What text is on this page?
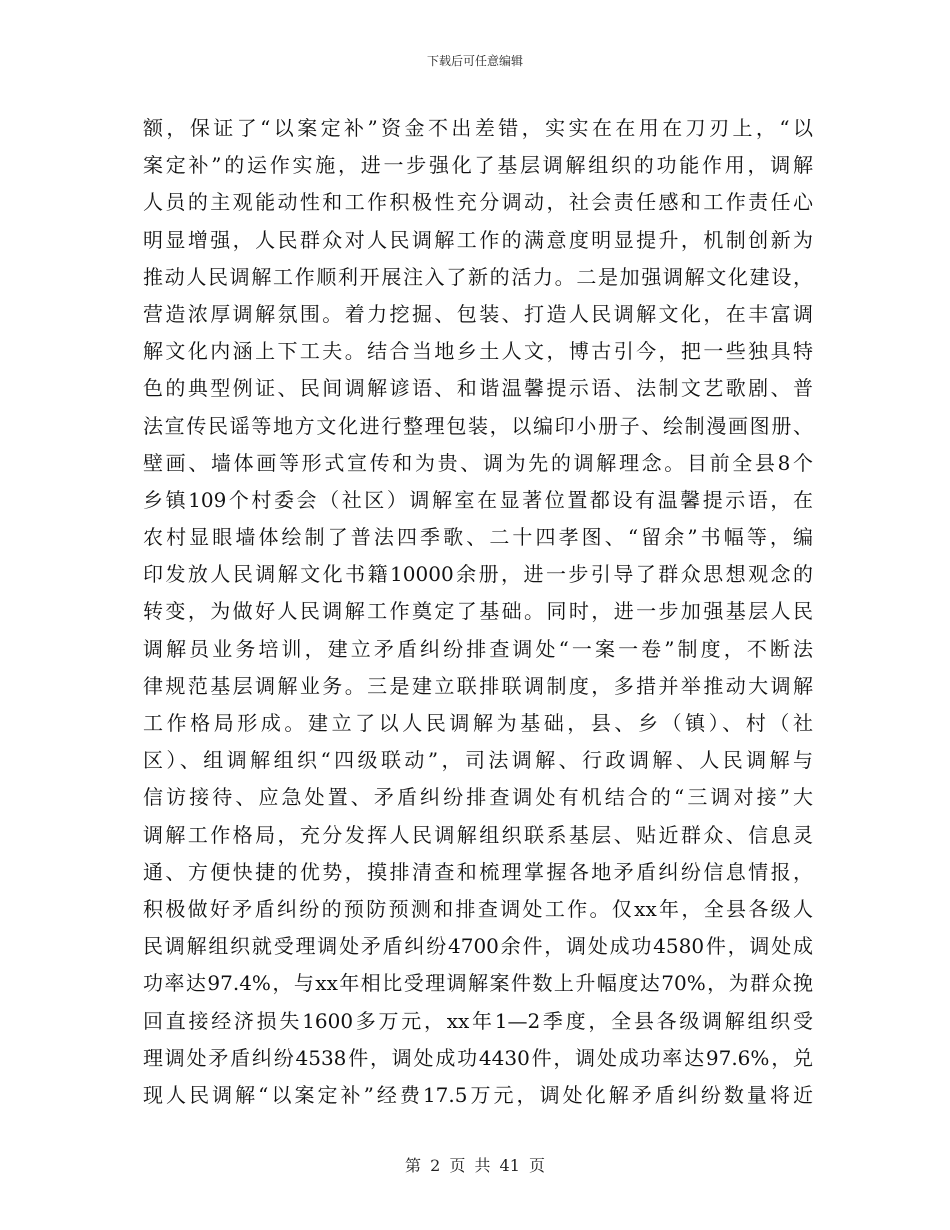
下载后可任意编辑
额，保证了“以案定补”资金不出差错，实实在在用在刀刃上，“以
案定补”的运作实施，进一步强化了基层调解组织的功能作用，调解
人员的主观能动性和工作积极性充分调动，社会责任感和工作责任心
明显增强，人民群众对人民调解工作的满意度明显提升，机制创新为
推动人民调解工作顺利开展注入了新的活力。二是加强调解文化建设，
营造浓厚调解氛围。着力挖掘、包装、打造人民调解文化，在丰富调
解文化内涵上下工夫。结合当地乡土人文，博古引今，把一些独具特
色的典型例证、民间调解谚语、和谐温馨提示语、法制文艺歌剧、普
法宣传民谣等地方文化进行整理包装，以编印小册子、绘制漫画图册、
壁画、墙体画等形式宣传和为贵、调为先的调解理念。目前全县8个
乡镇109个村委会（社区）调解室在显著位置都设有温馨提示语，在
农村显眼墙体绘制了普法四季歌、二十四孝图、“留余”书幅等，编
印发放人民调解文化书籍10000余册，进一步引导了群众思想观念的
转变，为做好人民调解工作奠定了基础。同时，进一步加强基层人民
调解员业务培训，建立矛盾纠纷排查调处“一案一卷”制度，不断法
律规范基层调解业务。三是建立联排联调制度，多措并举推动大调解
工作格局形成。建立了以人民调解为基础，县、乡（镇）、村（社
区）、组调解组织“四级联动”，司法调解、行政调解、人民调解与
信访接待、应急处置、矛盾纠纷排查调处有机结合的“三调对接”大
调解工作格局，充分发挥人民调解组织联系基层、贴近群众、信息灵
通、方便快捷的优势，摸排清查和梳理掌握各地矛盾纠纷信息情报，
积极做好矛盾纠纷的预防预测和排查调处工作。仅xx年，全县各级人
民调解组织就受理调处矛盾纠纷4700余件，调处成功4580件，调处成
功率达97.4%，与xx年相比受理调解案件数上升幅度达70%，为群众挽
回直接经济损失1600多万元，xx年1—2季度，全县各级调解组织受
理调处矛盾纠纷4538件，调处成功4430件，调处成功率达97.6%，兑
现人民调解“以案定补”经费17.5万元，调处化解矛盾纠纷数量将近
第 2 页 共 41 页
